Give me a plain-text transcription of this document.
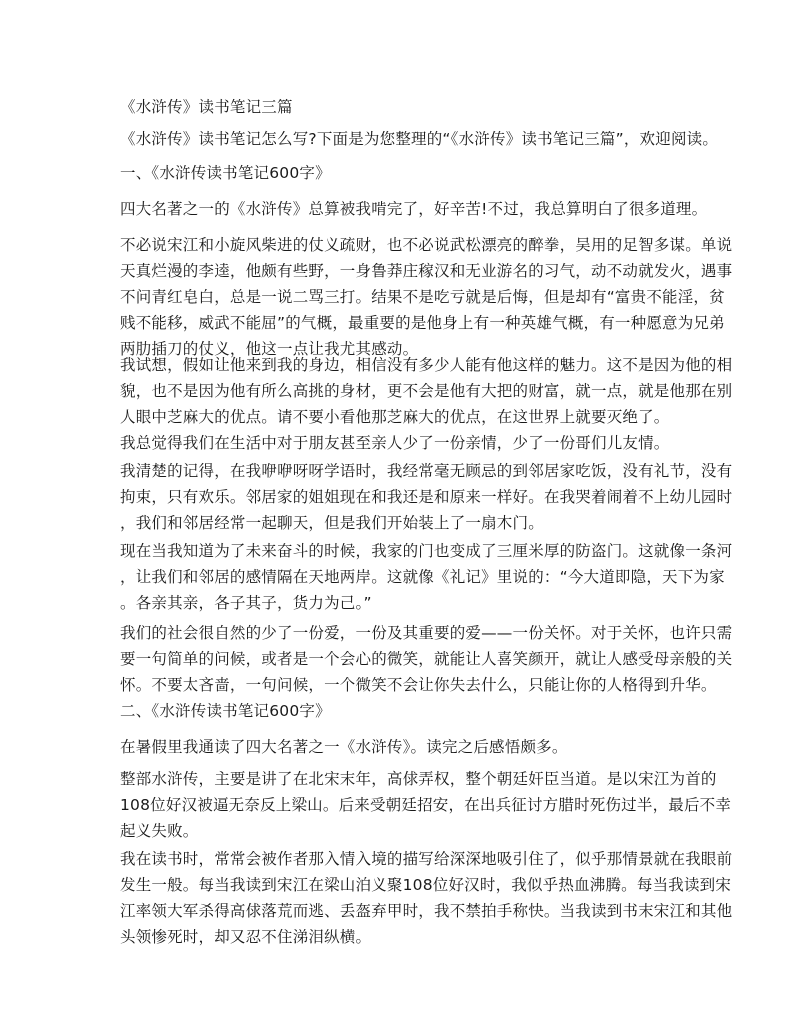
《水浒传》读书笔记三篇
《水浒传》读书笔记怎么写?下面是为您整理的“《水浒传》读书笔记三篇”，欢迎阅读。
一、《水浒传读书笔记600字》
四大名著之一的《水浒传》总算被我啃完了，好辛苦!不过，我总算明白了很多道理。
不必说宋江和小旋风柴进的仗义疏财，也不必说武松漂亮的醉拳，吴用的足智多谋。单说
天真烂漫的李逵，他颇有些野，一身鲁莽庄稼汉和无业游名的习气，动不动就发火，遇事
不问青红皂白，总是一说二骂三打。结果不是吃亏就是后悔，但是却有“富贵不能淫，贫
贱不能移，威武不能屈”的气概，最重要的是他身上有一种英雄气概，有一种愿意为兄弟
两肋插刀的仗义，他这一点让我尤其感动。
我试想，假如让他来到我的身边，相信没有多少人能有他这样的魅力。这不是因为他的相
貌，也不是因为他有所么高挑的身材，更不会是他有大把的财富，就一点，就是他那在别
人眼中芝麻大的优点。请不要小看他那芝麻大的优点，在这世界上就要灭绝了。
我总觉得我们在生活中对于朋友甚至亲人少了一份亲情，少了一份哥们儿友情。
我清楚的记得，在我咿咿呀呀学语时，我经常毫无顾忌的到邻居家吃饭，没有礼节，没有
拘束，只有欢乐。邻居家的姐姐现在和我还是和原来一样好。在我哭着闹着不上幼儿园时
，我们和邻居经常一起聊天，但是我们开始装上了一扇木门。
现在当我知道为了未来奋斗的时候，我家的门也变成了三厘米厚的防盗门。这就像一条河
，让我们和邻居的感情隔在天地两岸。这就像《礼记》里说的：“今大道即隐，天下为家
。各亲其亲，各子其子，货力为己。”
我们的社会很自然的少了一份爱，一份及其重要的爱——一份关怀。对于关怀，也许只需
要一句简单的问候，或者是一个会心的微笑，就能让人喜笑颜开，就让人感受母亲般的关
怀。不要太吝啬，一句问候，一个微笑不会让你失去什么，只能让你的人格得到升华。
二、《水浒传读书笔记600字》
在暑假里我通读了四大名著之一《水浒传》。读完之后感悟颇多。
整部水浒传，主要是讲了在北宋末年，高俅弄权，整个朝廷奸臣当道。是以宋江为首的
108位好汉被逼无奈反上梁山。后来受朝廷招安，在出兵征讨方腊时死伤过半，最后不幸
起义失败。
我在读书时，常常会被作者那入情入境的描写给深深地吸引住了，似乎那情景就在我眼前
发生一般。每当我读到宋江在梁山泊义聚108位好汉时，我似乎热血沸腾。每当我读到宋
江率领大军杀得高俅落荒而逃、丢盔弃甲时，我不禁拍手称快。当我读到书末宋江和其他
头领惨死时，却又忍不住涕泪纵横。
